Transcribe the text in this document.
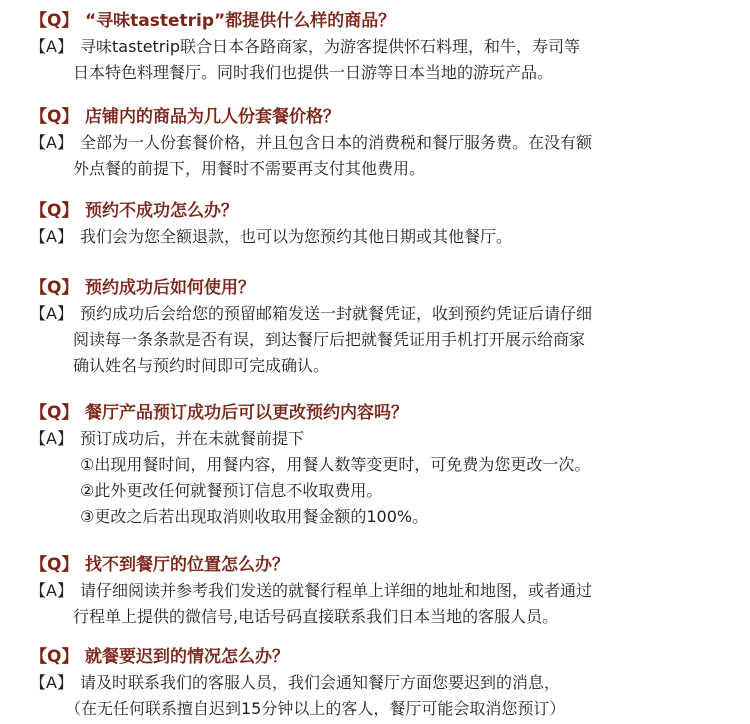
【Q】 “寻味tastetrip”都提供什么样的商品？
【A】 寻味tastetrip联合日本各路商家，为游客提供怀石料理，和牛，寿司等
日本特色料理餐厅。同时我们也提供一日游等日本当地的游玩产品。
【Q】 店铺内的商品为几人份套餐价格？
【A】 全部为一人份套餐价格，并且包含日本的消费税和餐厅服务费。在没有额
外点餐的前提下，用餐时不需要再支付其他费用。
【Q】 预约不成功怎么办？
【A】 我们会为您全额退款，也可以为您预约其他日期或其他餐厅。
【Q】 预约成功后如何使用？
【A】 预约成功后会给您的预留邮箱发送一封就餐凭证，收到预约凭证后请仔细
阅读每一条条款是否有误，到达餐厅后把就餐凭证用手机打开展示给商家
确认姓名与预约时间即可完成确认。
【Q】 餐厅产品预订成功后可以更改预约内容吗？
【A】 预订成功后，并在未就餐前提下
①出现用餐时间，用餐内容，用餐人数等变更时，可免费为您更改一次。
②此外更改任何就餐预订信息不收取费用。
③更改之后若出现取消则收取用餐金额的100%。
【Q】 找不到餐厅的位置怎么办？
【A】 请仔细阅读并参考我们发送的就餐行程单上详细的地址和地图，或者通过
行程单上提供的微信号,电话号码直接联系我们日本当地的客服人员。
【Q】 就餐要迟到的情况怎么办？
【A】 请及时联系我们的客服人员，我们会通知餐厅方面您要迟到的消息，
（在无任何联系擅自迟到15分钟以上的客人，餐厅可能会取消您预订）
